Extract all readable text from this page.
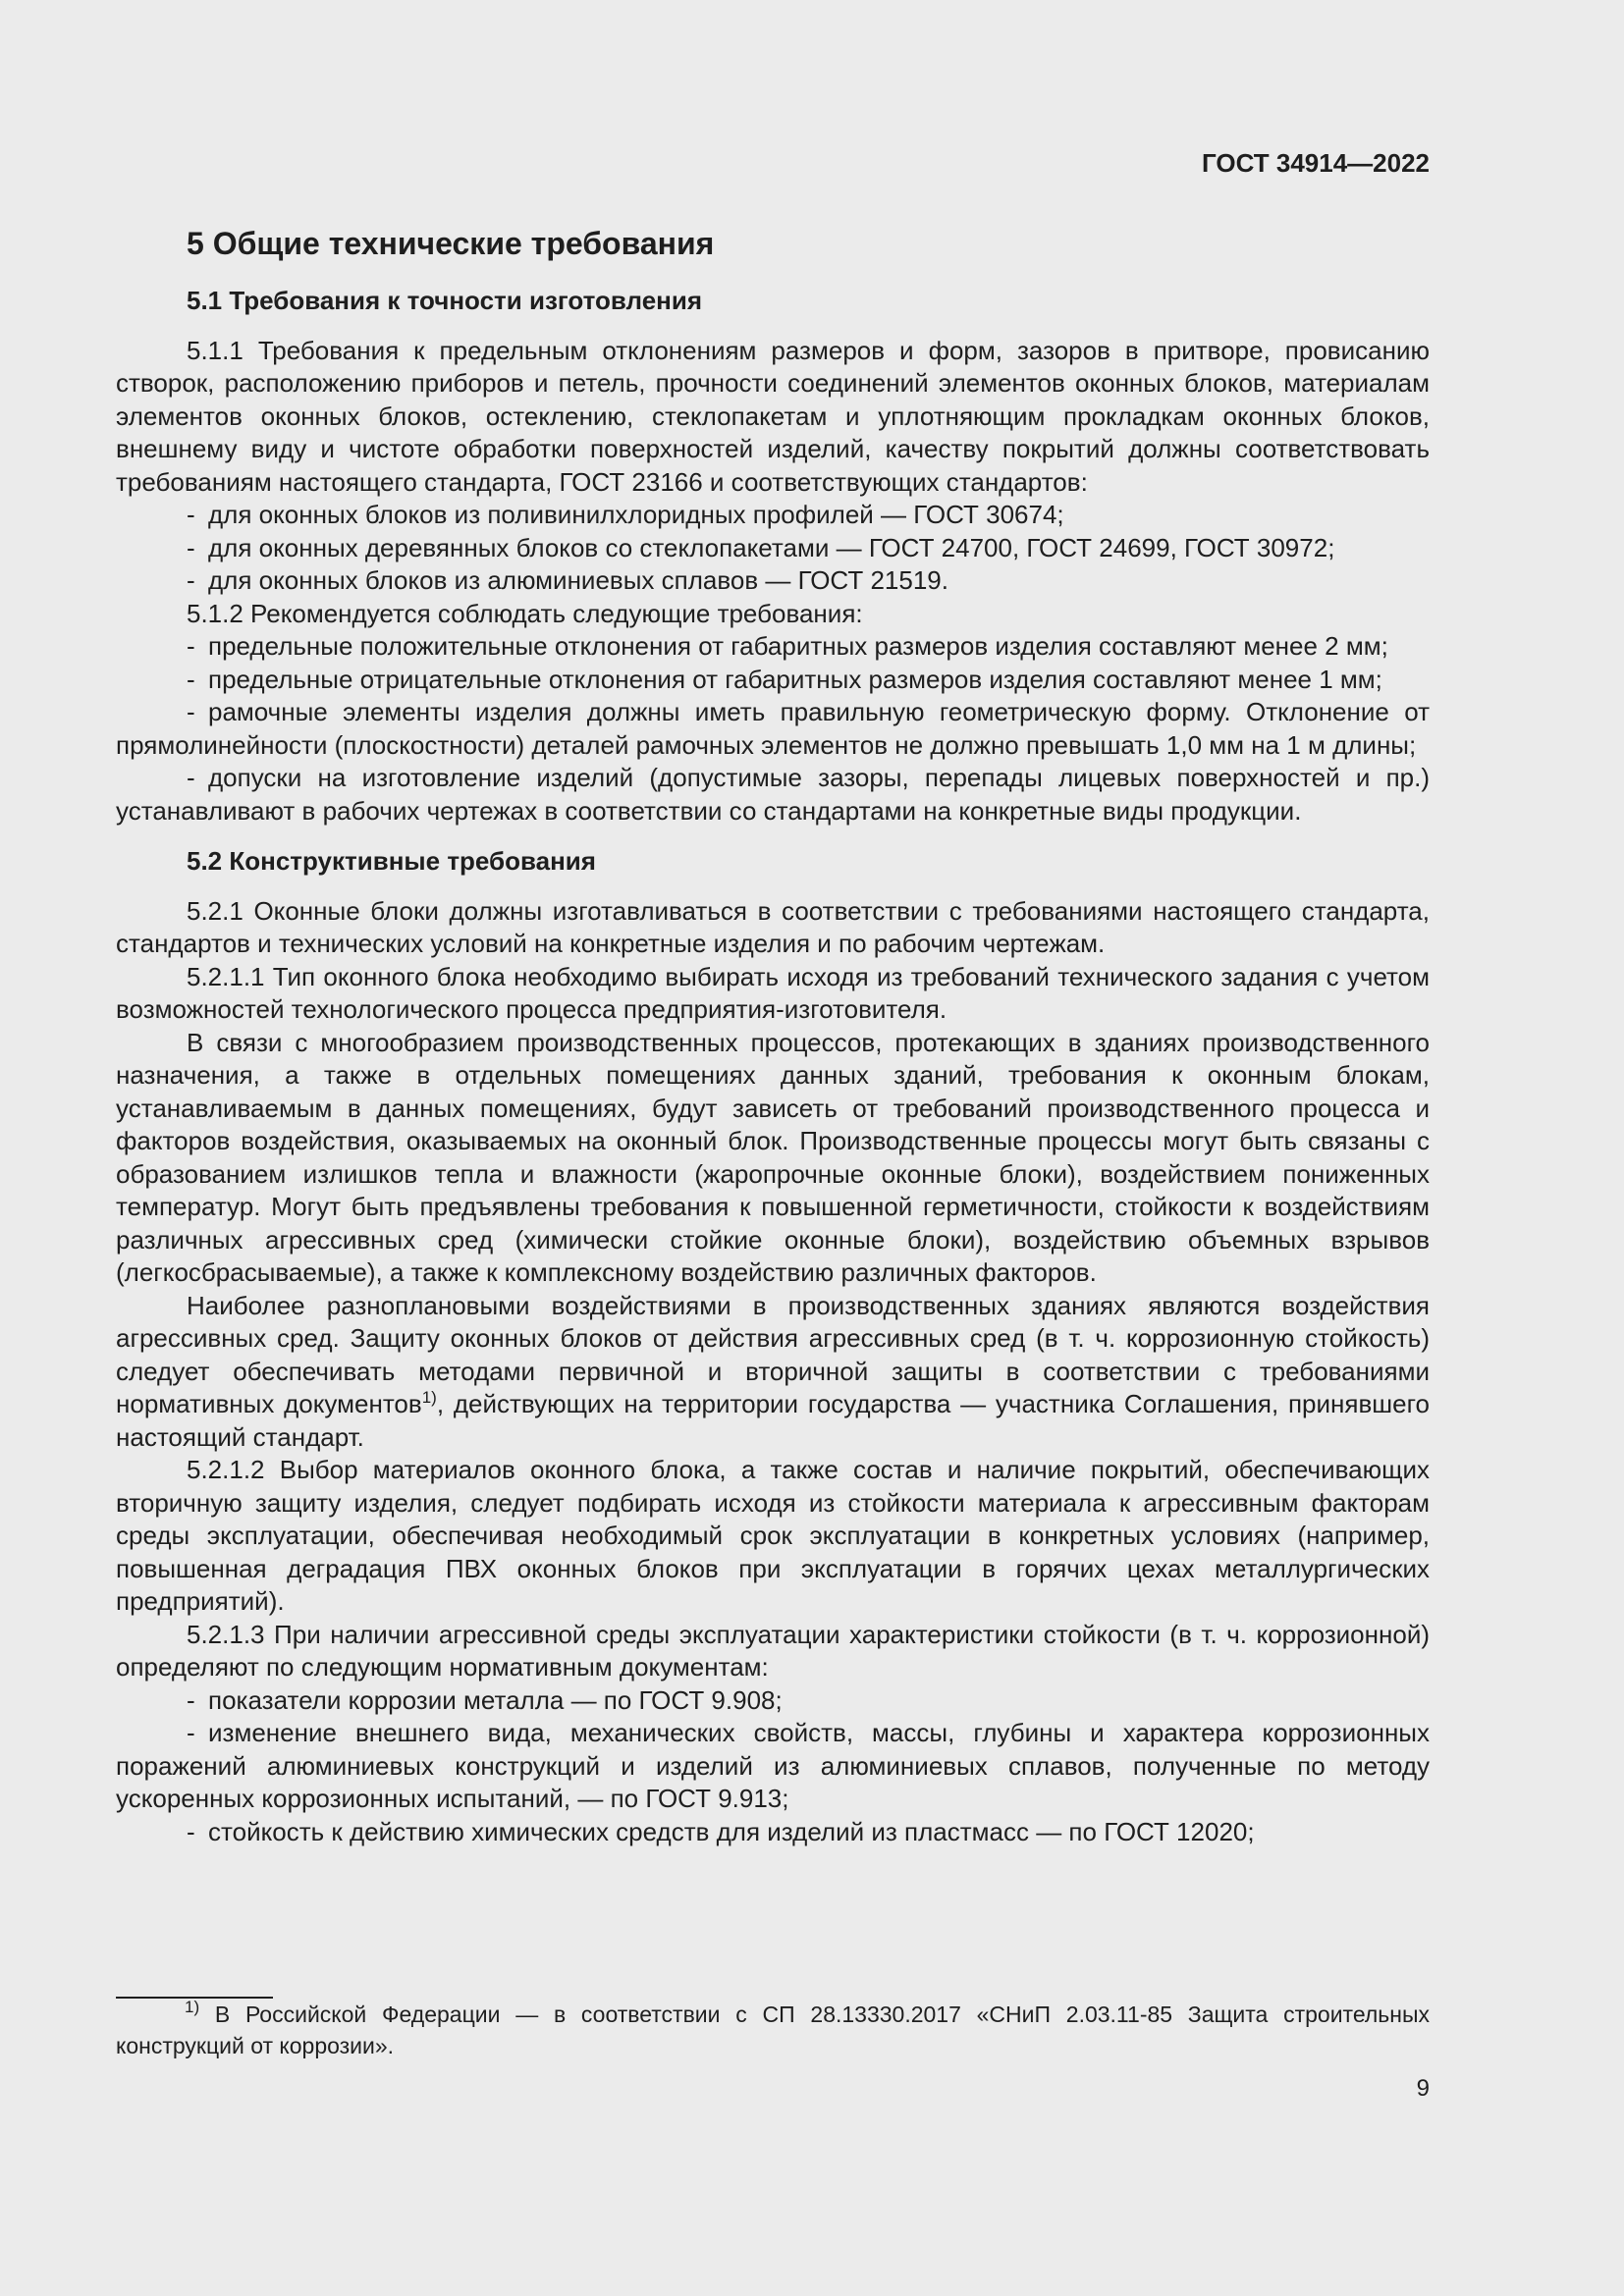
ГОСТ 34914—2022

5 Общие технические требования

5.1 Требования к точности изготовления

5.1.1 Требования к предельным отклонениям размеров и форм, зазоров в притворе, провисанию створок, расположению приборов и петель, прочности соединений элементов оконных блоков, материалам элементов оконных блоков, остеклению, стеклопакетам и уплотняющим прокладкам оконных блоков, внешнему виду и чистоте обработки поверхностей изделий, качеству покрытий должны соответствовать требованиям настоящего стандарта, ГОСТ 23166 и соответствующих стандартов:

- для оконных блоков из поливинилхлоридных профилей — ГОСТ 30674;

- для оконных деревянных блоков со стеклопакетами — ГОСТ 24700, ГОСТ 24699, ГОСТ 30972;

- для оконных блоков из алюминиевых сплавов — ГОСТ 21519.

5.1.2 Рекомендуется соблюдать следующие требования:

- предельные положительные отклонения от габаритных размеров изделия составляют менее 2 мм;

- предельные отрицательные отклонения от габаритных размеров изделия составляют менее 1 мм;

- рамочные элементы изделия должны иметь правильную геометрическую форму. Отклонение от прямолинейности (плоскостности) деталей рамочных элементов не должно превышать 1,0 мм на 1 м длины;

- допуски на изготовление изделий (допустимые зазоры, перепады лицевых поверхностей и пр.) устанавливают в рабочих чертежах в соответствии со стандартами на конкретные виды продукции.

5.2 Конструктивные требования

5.2.1 Оконные блоки должны изготавливаться в соответствии с требованиями настоящего стандарта, стандартов и технических условий на конкретные изделия и по рабочим чертежам.

5.2.1.1 Тип оконного блока необходимо выбирать исходя из требований технического задания с учетом возможностей технологического процесса предприятия-изготовителя.

В связи с многообразием производственных процессов, протекающих в зданиях производственного назначения, а также в отдельных помещениях данных зданий, требования к оконным блокам, устанавливаемым в данных помещениях, будут зависеть от требований производственного процесса и факторов воздействия, оказываемых на оконный блок. Производственные процессы могут быть связаны с образованием излишков тепла и влажности (жаропрочные оконные блоки), воздействием пониженных температур. Могут быть предъявлены требования к повышенной герметичности, стойкости к воздействиям различных агрессивных сред (химически стойкие оконные блоки), воздействию объемных взрывов (легкосбрасываемые), а также к комплексному воздействию различных факторов.

Наиболее разноплановыми воздействиями в производственных зданиях являются воздействия агрессивных сред. Защиту оконных блоков от действия агрессивных сред (в т. ч. коррозионную стойкость) следует обеспечивать методами первичной и вторичной защиты в соответствии с требованиями нормативных документов$^{1)}$, действующих на территории государства — участника Соглашения, принявшего настоящий стандарт.

5.2.1.2 Выбор материалов оконного блока, а также состав и наличие покрытий, обеспечивающих вторичную защиту изделия, следует подбирать исходя из стойкости материала к агрессивным факторам среды эксплуатации, обеспечивая необходимый срок эксплуатации в конкретных условиях (например, повышенная деградация ПВХ оконных блоков при эксплуатации в горячих цехах металлургических предприятий).

5.2.1.3 При наличии агрессивной среды эксплуатации характеристики стойкости (в т. ч. коррозионной) определяют по следующим нормативным документам:

- показатели коррозии металла — по ГОСТ 9.908;

- изменение внешнего вида, механических свойств, массы, глубины и характера коррозионных поражений алюминиевых конструкций и изделий из алюминиевых сплавов, полученные по методу ускоренных коррозионных испытаний, — по ГОСТ 9.913;

- стойкость к действию химических средств для изделий из пластмасс — по ГОСТ 12020;

$^{1)}$ В Российской Федерации — в соответствии с СП 28.13330.2017 «СНиП 2.03.11-85 Защита строительных конструкций от коррозии».
9
